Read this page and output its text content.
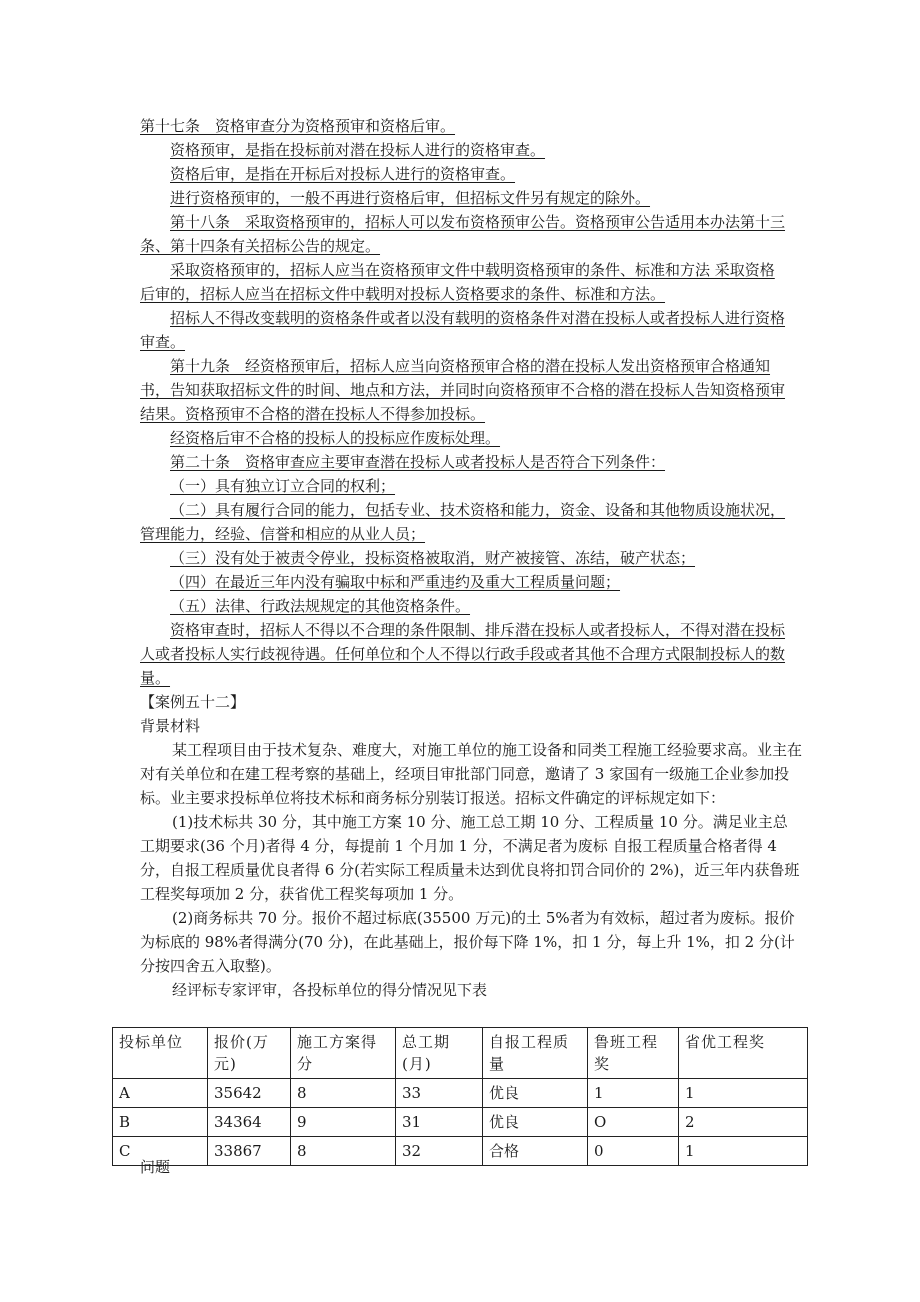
第十七条　资格审查分为资格预审和资格后审。

资格预审，是指在投标前对潜在投标人进行的资格审查。

资格后审，是指在开标后对投标人进行的资格审查。

进行资格预审的，一般不再进行资格后审，但招标文件另有规定的除外。

第十八条　采取资格预审的，招标人可以发布资格预审公告。资格预审公告适用本办法第十三条、第十四条有关招标公告的规定。

采取资格预审的，招标人应当在资格预审文件中载明资格预审的条件、标准和方法 采取资格后审的，招标人应当在招标文件中载明对投标人资格要求的条件、标准和方法。

招标人不得改变载明的资格条件或者以没有载明的资格条件对潜在投标人或者投标人进行资格审查。

第十九条　经资格预审后，招标人应当向资格预审合格的潜在投标人发出资格预审合格通知书，告知获取招标文件的时间、地点和方法，并同时向资格预审不合格的潜在投标人告知资格预审结果。资格预审不合格的潜在投标人不得参加投标。

经资格后审不合格的投标人的投标应作废标处理。

第二十条　资格审查应主要审查潜在投标人或者投标人是否符合下列条件：

（一）具有独立订立合同的权利；

（二）具有履行合同的能力，包括专业、技术资格和能力，资金、设备和其他物质设施状况，管理能力，经验、信誉和相应的从业人员；

（三）没有处于被责令停业，投标资格被取消，财产被接管、冻结，破产状态；

（四）在最近三年内没有骗取中标和严重违约及重大工程质量问题；

（五）法律、行政法规规定的其他资格条件。

资格审查时，招标人不得以不合理的条件限制、排斥潜在投标人或者投标人，不得对潜在投标人或者投标人实行歧视待遇。任何单位和个人不得以行政手段或者其他不合理方式限制投标人的数量。

【案例五十二】

背景材料

某工程项目由于技术复杂、难度大，对施工单位的施工设备和同类工程施工经验要求高。业主在对有关单位和在建工程考察的基础上，经项目审批部门同意，邀请了 3 家国有一级施工企业参加投标。业主要求投标单位将技术标和商务标分别装订报送。招标文件确定的评标规定如下：

(1)技术标共 30 分，其中施工方案 10 分、施工总工期 10 分、工程质量 10 分。满足业主总工期要求(36 个月)者得 4 分，每提前 1 个月加 1 分，不满足者为废标 自报工程质量合格者得 4 分，自报工程质量优良者得 6 分(若实际工程质量未达到优良将扣罚合同价的 2%)，近三年内获鲁班工程奖每项加 2 分，获省优工程奖每项加 1 分。

(2)商务标共 70 分。报价不超过标底(35500 万元)的土 5%者为有效标，超过者为废标。报价为标底的 98%者得满分(70 分)，在此基础上，报价每下降 1%，扣 1 分，每上升 1%，扣 2 分(计分按四舍五入取整)。

经评标专家评审，各投标单位的得分情况见下表

投标单位	报价(万元)	施工方案得分	总工期(月)	自报工程质量	鲁班工程奖	省优工程奖
A	35642	8	33	优良	1	1
B	34364	9	31	优良	O	2
C	33867	8	32	合格	0	1
问题
